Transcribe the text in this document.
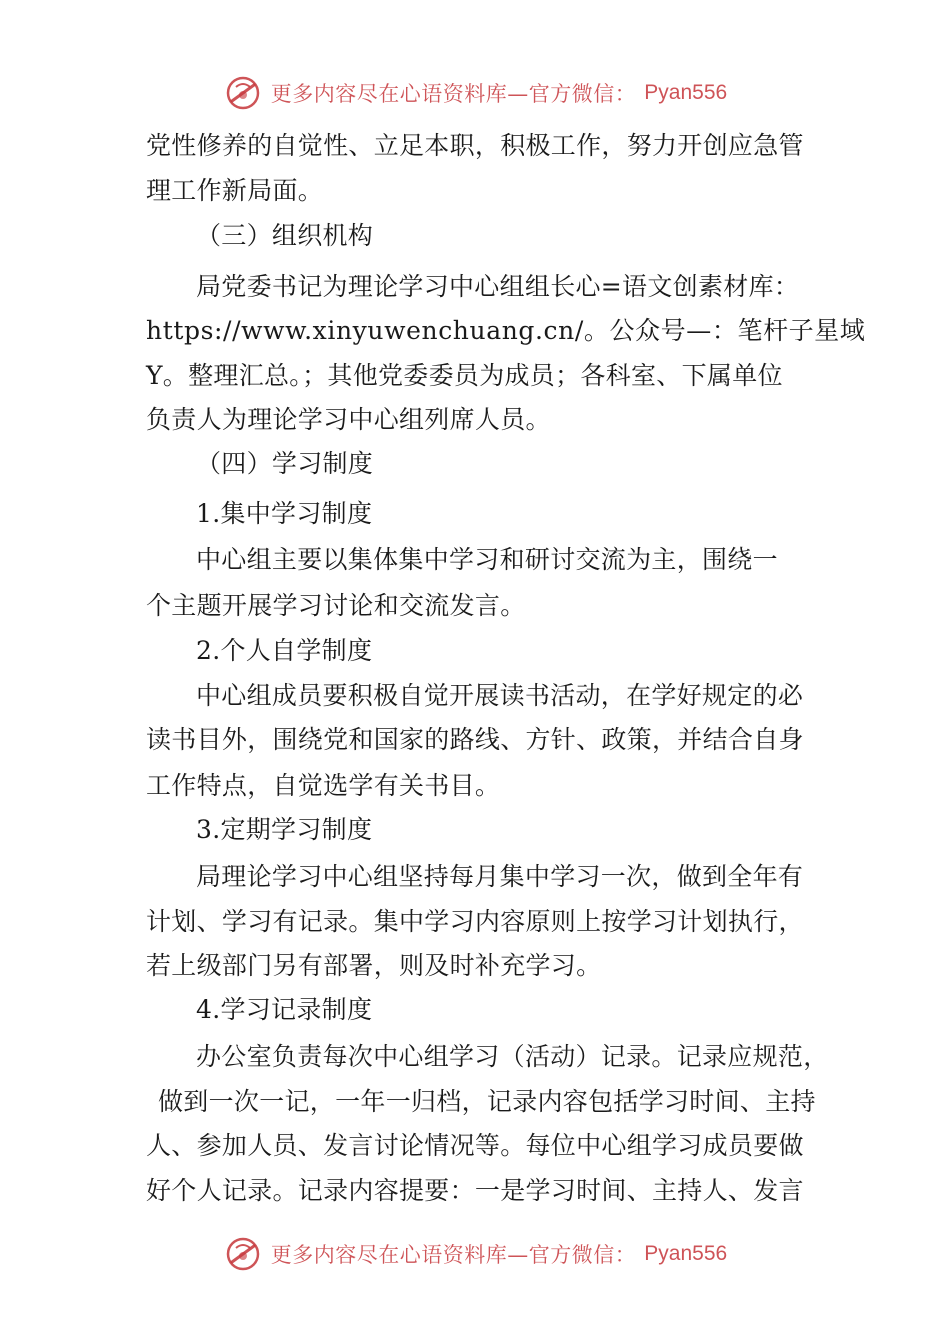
更多内容尽在心语资料库—官方微信： Pyan556
党性修养的自觉性、立足本职，积极工作，努力开创应急管
理工作新局面。
（三）组织机构
局党委书记为理论学习中心组组长心=语文创素材库：
https://www.xinyuwenchuang.cn/。公众号—：笔杆子星域
Y。整理汇总。；其他党委委员为成员；各科室、下属单位
负责人为理论学习中心组列席人员。
（四）学习制度
1.集中学习制度
中心组主要以集体集中学习和研讨交流为主，围绕一
个主题开展学习讨论和交流发言。
2.个人自学制度
中心组成员要积极自觉开展读书活动，在学好规定的必
读书目外，围绕党和国家的路线、方针、政策，并结合自身
工作特点，自觉选学有关书目。
3.定期学习制度
局理论学习中心组坚持每月集中学习一次，做到全年有
计划、学习有记录。集中学习内容原则上按学习计划执行，
若上级部门另有部署，则及时补充学习。
4.学习记录制度
办公室负责每次中心组学习（活动）记录。记录应规范，
做到一次一记，一年一归档，记录内容包括学习时间、主持
人、参加人员、发言讨论情况等。每位中心组学习成员要做
好个人记录。记录内容提要：一是学习时间、主持人、发言
更多内容尽在心语资料库—官方微信： Pyan556
